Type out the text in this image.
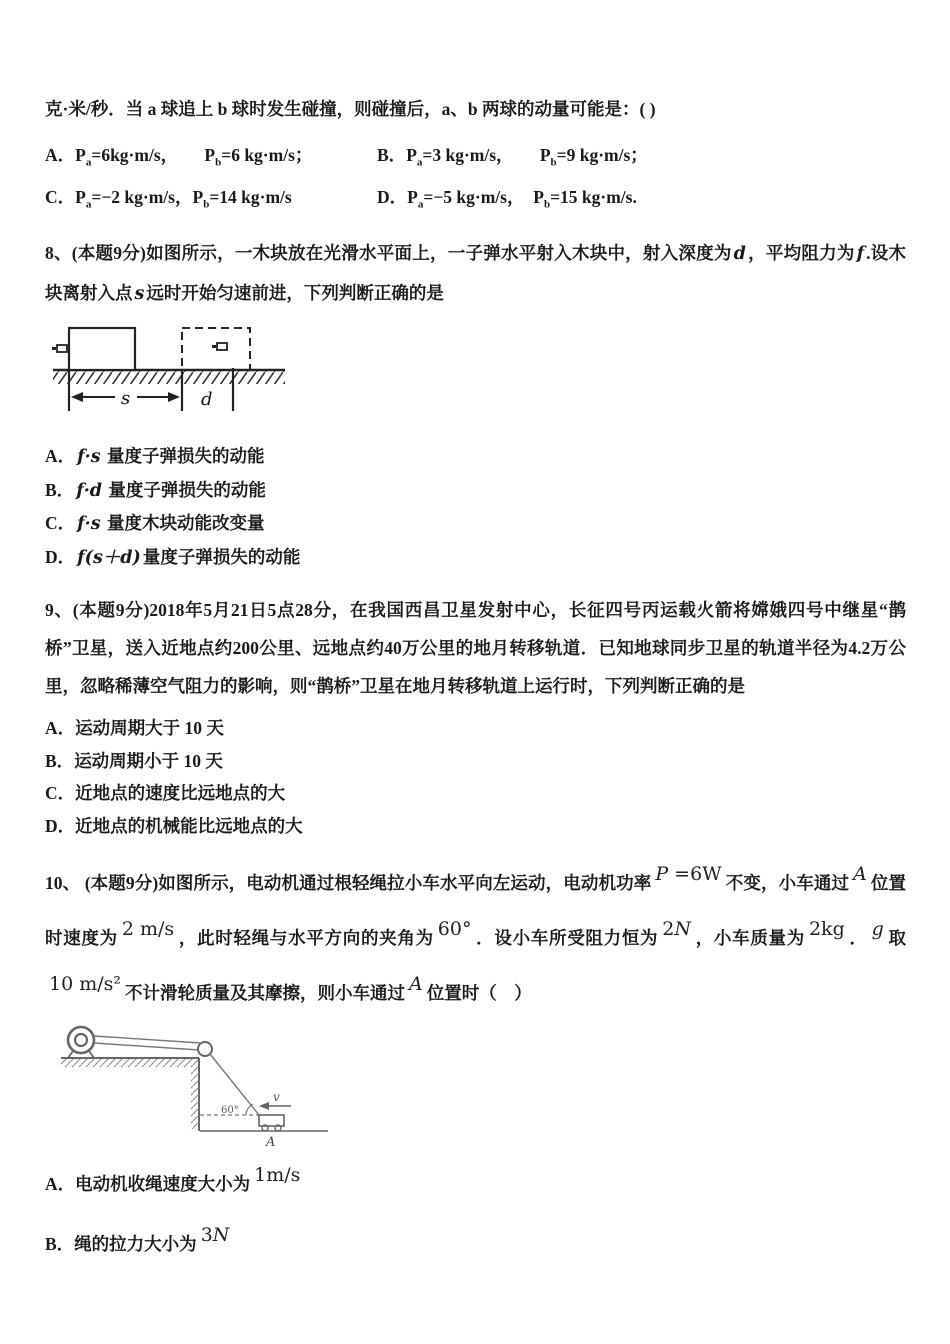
克·米/秒．当 a 球追上 b 球时发生碰撞，则碰撞后，a、b 两球的动量可能是：( )
A．$P_a=6kg\cdot m/s$，　　$P_b=6$ kg·m/s；	B．$P_a=3$ kg·m/s，　　$P_b=9$ kg·m/s；
C．$P_a=-2$ kg·m/s，$P_b=14$ kg·m/s	D．$P_a=-5$ kg·m/s，　$P_b=15$ kg·m/s.
8、(本题9分)如图所示，一木块放在光滑水平面上，一子弹水平射入木块中，射入深度为 d ，平均阻力为 f .设木块离射入点 s 远时开始匀速前进，下列判断正确的是
s	d
A． f·s 量度子弹损失的动能
B． f·d 量度子弹损失的动能
C． f·s 量度木块动能改变量
D． f(s＋d) 量度子弹损失的动能
9、(本题9分)2018年5月21日5点28分，在我国西昌卫星发射中心，长征四号丙运载火箭将嫦娥四号中继星“鹊桥”卫星，送入近地点约200公里、远地点约40万公里的地月转移轨道．已知地球同步卫星的轨道半径为4.2万公里，忽略稀薄空气阻力的影响，则“鹊桥”卫星在地月转移轨道上运行时，下列判断正确的是
A．运动周期大于 10 天
B．运动周期小于 10 天
C．近地点的速度比远地点的大
D．近地点的机械能比远地点的大
10、 (本题9分)如图所示，电动机通过根轻绳拉小车水平向左运动，电动机功率 P =6W 不变，小车通过 A 位置时速度为 2 m/s ，此时轻绳与水平方向的夹角为 60° ．设小车所受阻力恒为 2N ，小车质量为 2kg ． g 取10 m/s² 不计滑轮质量及其摩擦，则小车通过 A 位置时（　）
60°
v
A
A．电动机收绳速度大小为 1m/s
B．绳的拉力大小为 3N
